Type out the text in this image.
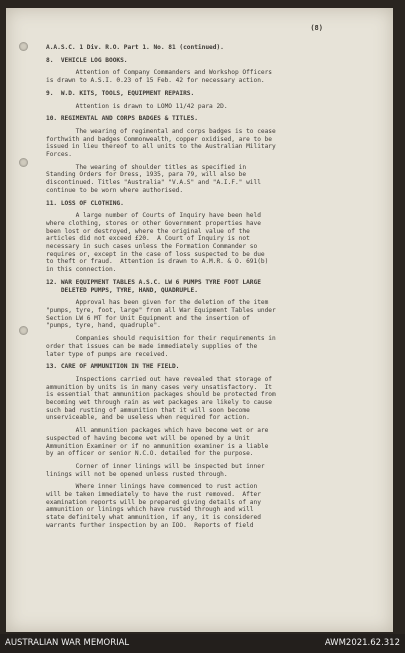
(8)

A.A.S.C. 1 Div. R.O. Part 1. No. 81 (continued).

8.  VEHICLE LOG BOOKS.

Attention of Company Commanders and Workshop Officers

is drawn to A.S.I. 0.23 of 15 Feb. 42 for necessary action.

9.  W.D. KITS, TOOLS, EQUIPMENT REPAIRS.

Attention is drawn to LOMO 11/42 para 2D.

10. REGIMENTAL AND CORPS BADGES & TITLES.

The wearing of regimental and corps badges is to cease

forthwith and badges Commonwealth, copper oxidised, are to be

issued in lieu thereof to all units to the Australian Military

Forces.

The wearing of shoulder titles as specified in

Standing Orders for Dress, 1935, para 79, will also be

discontinued. Titles "Australia" "V.A.S" and "A.I.F." will

continue to be worn where authorised.

11. LOSS OF CLOTHING.

A large number of Courts of Inquiry have been held

where clothing, stores or other Government properties have

been lost or destroyed, where the original value of the

articles did not exceed £20.  A Court of Inquiry is not

necessary in such cases unless the Formation Commander so

requires or, except in the case of loss suspected to be due

to theft or fraud.  Attention is drawn to A.M.R. & O. 691(b)

in this connection.

12. WAR EQUIPMENT TABLES A.S.C. LW 6 PUMPS TYRE FOOT LARGE

DELETED PUMPS, TYRE, HAND, QUADRUPLE.

Approval has been given for the deletion of the item

"pumps, tyre, foot, large" from all War Equipment Tables under

Section LW 6 MT for Unit Equipment and the insertion of

"pumps, tyre, hand, quadruple".

Companies should requisition for their requirements in

order that issues can be made immediately supplies of the

later type of pumps are received.

13. CARE OF AMMUNITION IN THE FIELD.

Inspections carried out have revealed that storage of

ammunition by units is in many cases very unsatisfactory.  It

is essential that ammunition packages should be protected from

becoming wet through rain as wet packages are likely to cause

such bad rusting of ammunition that it will soon become

unserviceable, and be useless when required for action.

All ammunition packages which have become wet or are

suspected of having become wet will be opened by a Unit

Ammunition Examiner or if no ammunition examiner is a liable

by an officer or senior N.C.O. detailed for the purpose.

Corner of inner linings will be inspected but inner

linings will not be opened unless rusted through.

Where inner linings have commenced to rust action

will be taken immediately to have the rust removed.  After

examination reports will be prepared giving details of any

ammunition or linings which have rusted through and will

state definitely what ammunition, if any, it is considered

warrants further inspection by an IOO.  Reports of field

AUSTRALIAN WAR MEMORIAL	AWM2021.62.312
